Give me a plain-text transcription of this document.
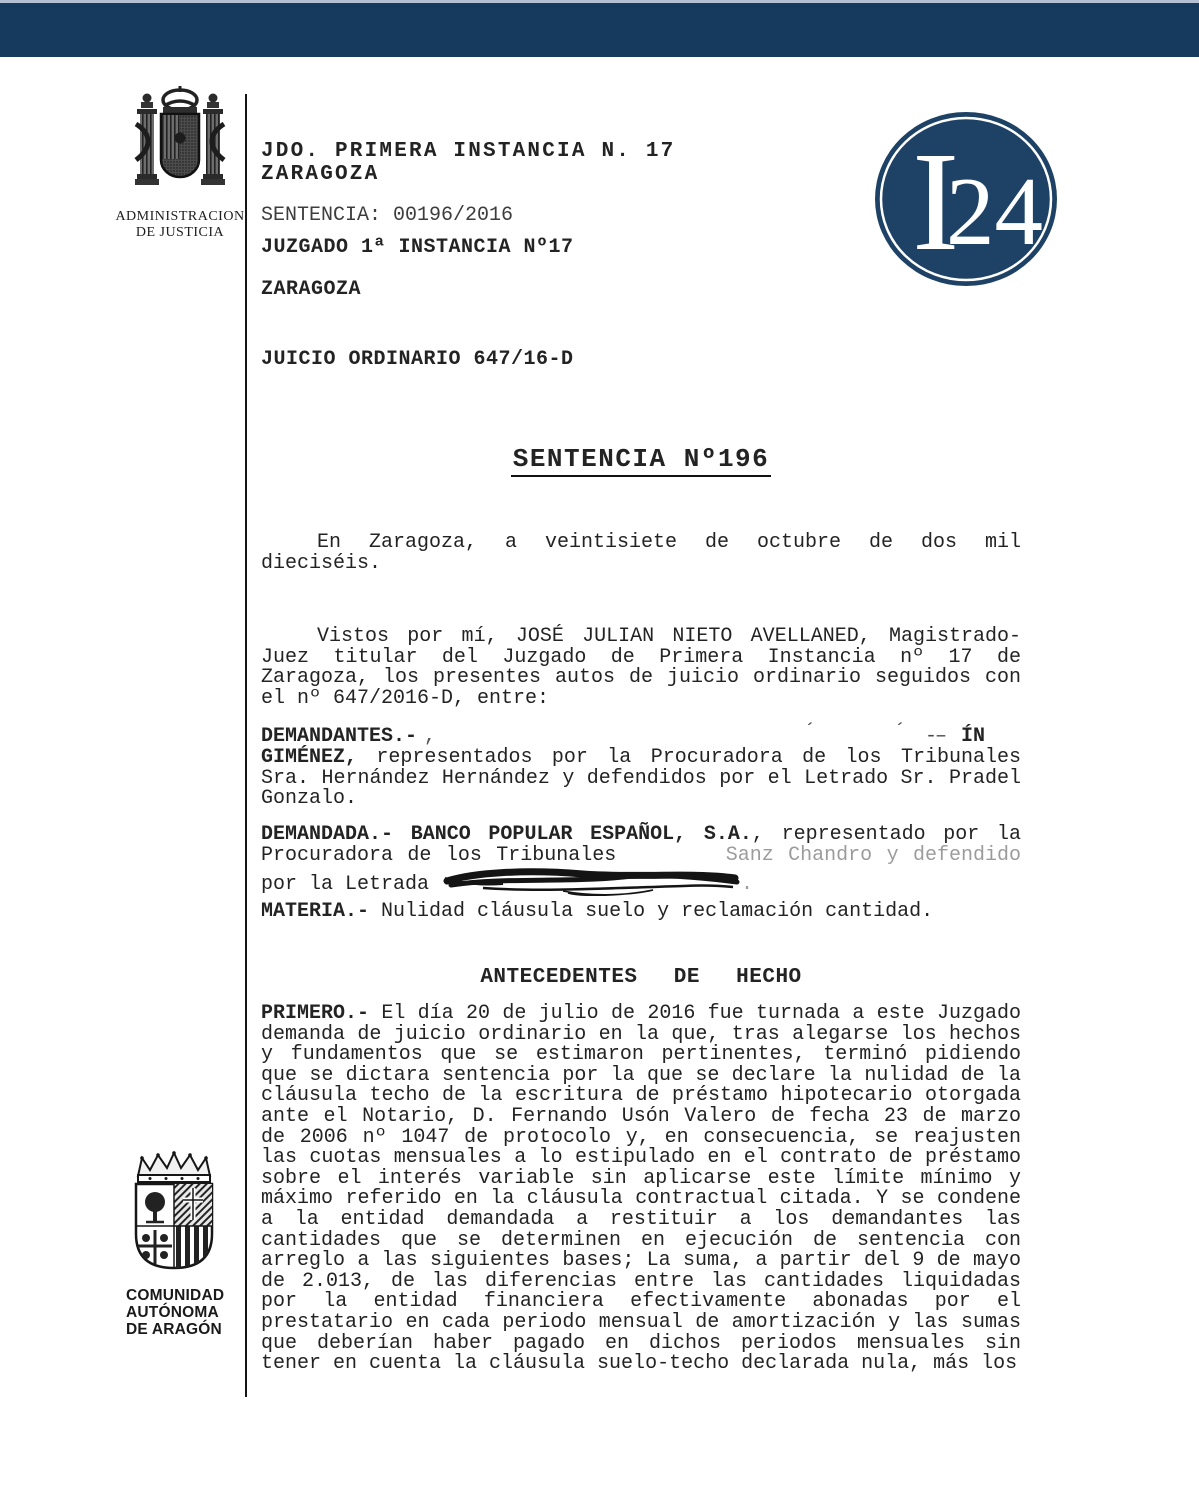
ADMINISTRACION
DE JUSTICIA	I
24
JDO. PRIMERA INSTANCIA N. 17
ZARAGOZA
SENTENCIA: 00196/2016
JUZGADO 1ª INSTANCIA Nº17
ZARAGOZA
JUICIO ORDINARIO 647/16-D
SENTENCIA Nº196

En Zaragoza, a veintisiete de octubre de dos mil dieciséis.

Vistos por mí, JOSÉ JULIAN NIETO AVELLANED, Magistrado-Juez titular del Juzgado de Primera Instancia nº 17 de Zaragoza, los presentes autos de juicio ordinario seguidos con el nº 647/2016-D, entre:

DEMANDANTES.- ,	´	´ -– ÍN

GIMÉNEZ, representados por la Procuradora de los Tribunales Sra. Hernández Hernández y defendidos por el Letrado Sr. Pradel Gonzalo.

DEMANDADA.- BANCO POPULAR ESPAÑOL, S.A., representado por la Procuradora de los Tribunales	Sanz Chandro y defendido por la Letrada	.

MATERIA.- Nulidad cláusula suelo y reclamación cantidad.

ANTECEDENTES  DE  HECHO

PRIMERO.- El día 20 de julio de 2016 fue turnada a este Juzgado demanda de juicio ordinario en la que, tras alegarse los hechos y fundamentos que se estimaron pertinentes, terminó pidiendo que se dictara sentencia por la que se declare la nulidad de la cláusula techo de la escritura de préstamo hipotecario otorgada ante el Notario, D. Fernando Usón Valero de fecha 23 de marzo de 2006 nº 1047 de protocolo y, en consecuencia, se reajusten las cuotas mensuales a lo estipulado en el contrato de préstamo sobre el interés variable sin aplicarse este límite mínimo y máximo referido en la cláusula contractual citada. Y se condene a la entidad demandada a restituir a los demandantes las cantidades que se determinen en ejecución de sentencia con arreglo a las siguientes bases; La suma, a partir del 9 de mayo de 2.013, de las diferencias entre las cantidades liquidadas por la entidad financiera efectivamente abonadas por el prestatario en cada periodo mensual de amortización y las sumas que deberían haber pagado en dichos periodos mensuales sin tener en cuenta la cláusula suelo-techo declarada nula, más los

COMUNIDAD
AUTÓNOMA
DE ARAGÓN
